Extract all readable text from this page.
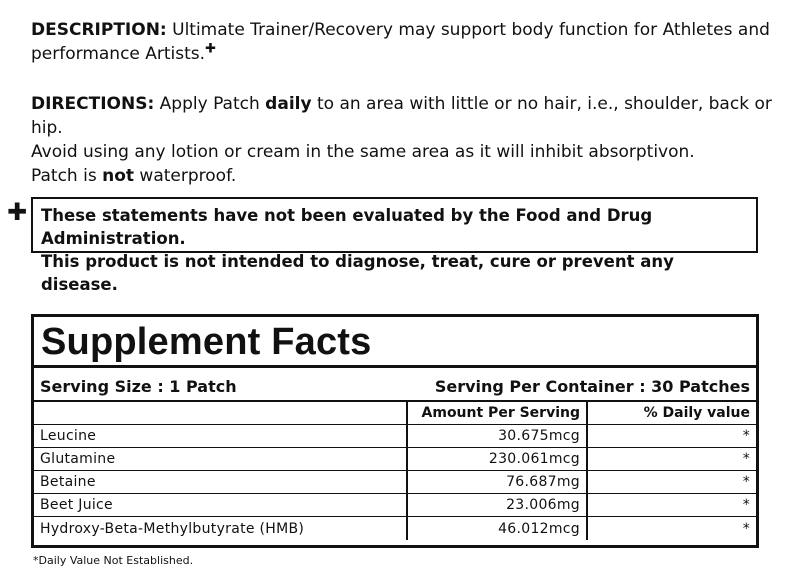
DESCRIPTION: Ultimate Trainer/Recovery may support body function for Athletes and performance Artists.✚
DIRECTIONS: Apply Patch daily to an area with little or no hair, i.e., shoulder, back or hip.
Avoid using any lotion or cream in the same area as it will inhibit absorptivon.
Patch is not waterproof.
✚ These statements have not been evaluated by the Food and Drug Administration.
This product is not intended to diagnose, treat, cure or prevent any disease.
Supplement Facts
Serving Size : 1 Patch	Serving Per Container : 30 Patches
	Amount Per Serving	% Daily value
Leucine	30.675mcg	*
Glutamine	230.061mcg	*
Betaine	76.687mg	*
Beet Juice	23.006mg	*
Hydroxy-Beta-Methylbutyrate (HMB)	46.012mcg	*
*Daily Value Not Established.
